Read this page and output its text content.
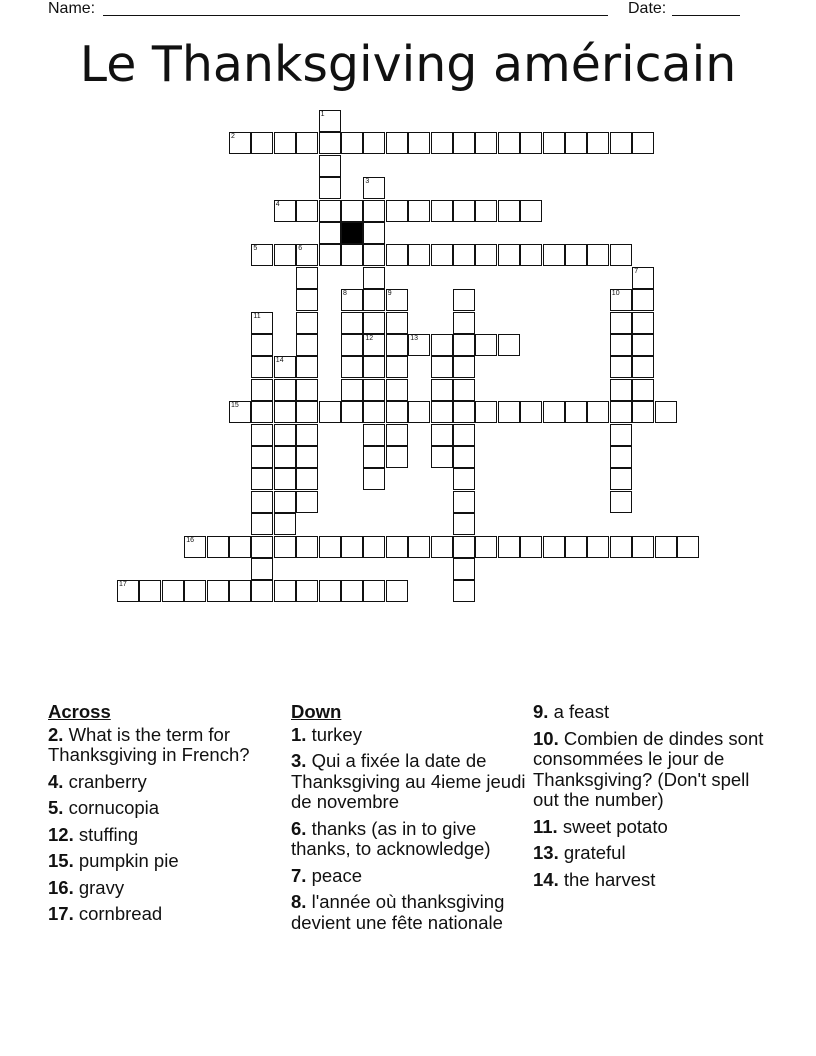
Name:	Date:
Le Thanksgiving américain
1
2
3
4
5	6
7
8	9	10
11
12	13
14
15
16
17
Across
2. What is the term for Thanksgiving in French?
4. cranberry
5. cornucopia
12. stuffing
15. pumpkin pie
16. gravy
17. cornbread
Down
1. turkey
3. Qui a fixée la date de Thanksgiving au 4ieme jeudi de novembre
6. thanks (as in to give thanks, to acknowledge)
7. peace
8. l'année où thanksgiving devient une fête nationale
9. a feast
10. Combien de dindes sont consommées le jour de Thanksgiving? (Don't spell out the number)
11. sweet potato
13. grateful
14. the harvest
